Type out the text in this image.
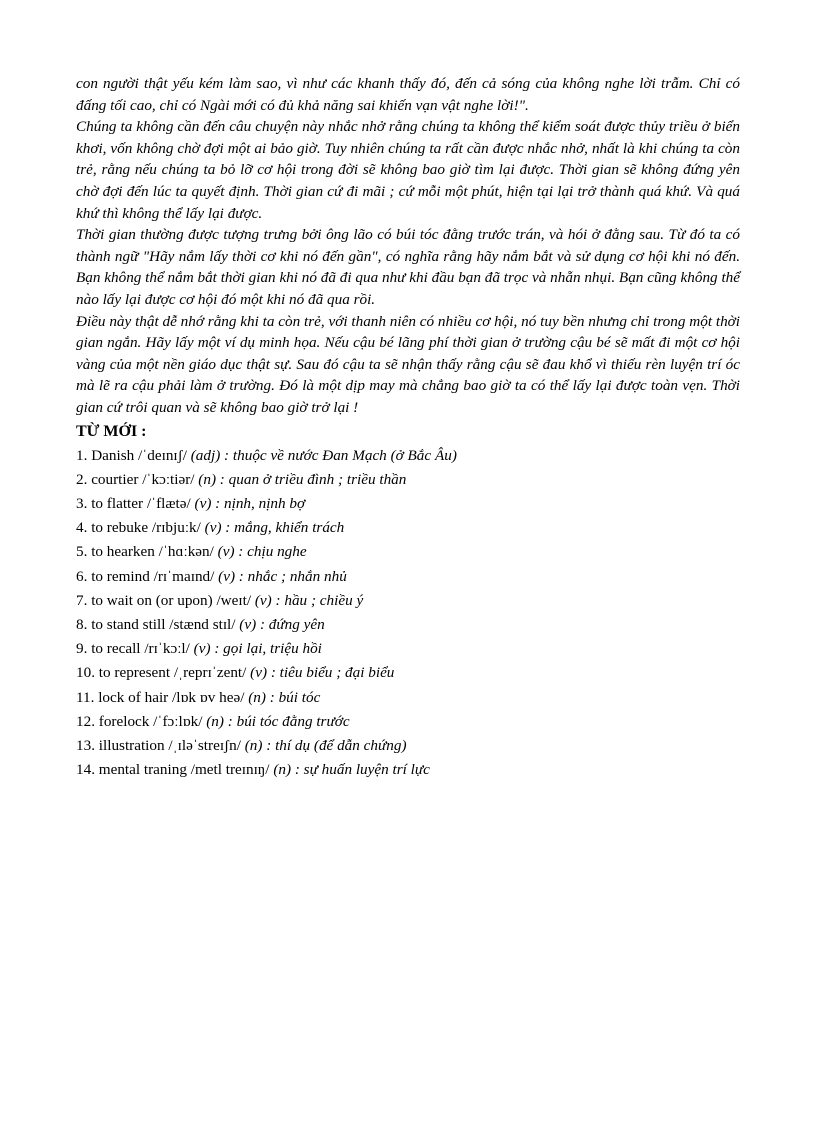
con người thật yếu kém làm sao, vì như các khanh thấy đó, đến cả sóng của không nghe lời trẫm. Chỉ có đấng tối cao, chỉ có Ngài mới có đủ khả năng sai khiến vạn vật nghe lời!".

Chúng ta không cần đến câu chuyện này nhắc nhở rằng chúng ta không thể kiểm soát được thủy triều ở biển khơi, vốn không chờ đợi một ai bảo giờ. Tuy nhiên chúng ta rất cần được nhắc nhở, nhất là khi chúng ta còn trẻ, rằng nếu chúng ta bỏ lỡ cơ hội trong đời sẽ không bao giờ tìm lại được. Thời gian sẽ không đứng yên chờ đợi đến lúc ta quyết định. Thời gian cứ đi mãi ; cứ mỗi một phút, hiện tại lại trở thành quá khứ. Và quá khứ thì không thể lấy lại được.

Thời gian thường được tượng trưng bởi ông lão có búi tóc đằng trước trán, và hói ở đằng sau. Từ đó ta có thành ngữ "Hãy nắm lấy thời cơ khi nó đến gần", có nghĩa rằng hãy nắm bắt và sử dụng cơ hội khi nó đến. Bạn không thể nắm bắt thời gian khi nó đã đi qua như khi đầu bạn đã trọc và nhẵn nhụi. Bạn cũng không thể nào lấy lại được cơ hội đó một khi nó đã qua rồi.

Điều này thật dễ nhớ rằng khi ta còn trẻ, với thanh niên có nhiều cơ hội, nó tuy bền nhưng chỉ trong một thời gian ngắn. Hãy lấy một ví dụ minh họa. Nếu cậu bé lãng phí thời gian ở trường cậu bé sẽ mất đi một cơ hội vàng của một nền giáo dục thật sự. Sau đó cậu ta sẽ nhận thấy rằng cậu sẽ đau khổ vì thiếu rèn luyện trí óc mà lẽ ra cậu phải làm ở trường. Đó là một dịp may mà chẳng bao giờ ta có thể lấy lại được toàn vẹn. Thời gian cứ trôi quan và sẽ không bao giờ trở lại !

TỪ MỚI :
1. Danish /ˈdeɪnɪʃ/ (adj) : thuộc về nước Đan Mạch (ở Bắc Âu)
2. courtier /ˈkɔːtiər/ (n) : quan ở triều đình ; triều thần
3. to flatter /ˈflætə/ (v) : nịnh, nịnh bợ
4. to rebuke /rɪbjuːk/ (v) : mắng, khiển trách
5. to hearken /ˈhɑːkən/ (v) : chịu nghe
6. to remind /rɪˈmaɪnd/ (v) : nhắc ; nhắn nhủ
7. to wait on (or upon) /weɪt/ (v) : hầu ; chiều ý
8. to stand still /stænd stɪl/ (v) : đứng yên
9. to recall /rɪˈkɔːl/ (v) : gọi lại, triệu hồi
10. to represent /ˌreprɪˈzent/ (v) : tiêu biểu ; đại biểu
11. lock of hair /lɒk ɒv heə/ (n) : búi tóc
12. forelock /ˈfɔːlɒk/ (n) : búi tóc đằng trước
13. illustration /ˌɪləˈstreɪʃn/ (n) : thí dụ (để dẫn chứng)
14. mental traning /metl treɪnɪŋ/ (n) : sự huấn luyện trí lực
